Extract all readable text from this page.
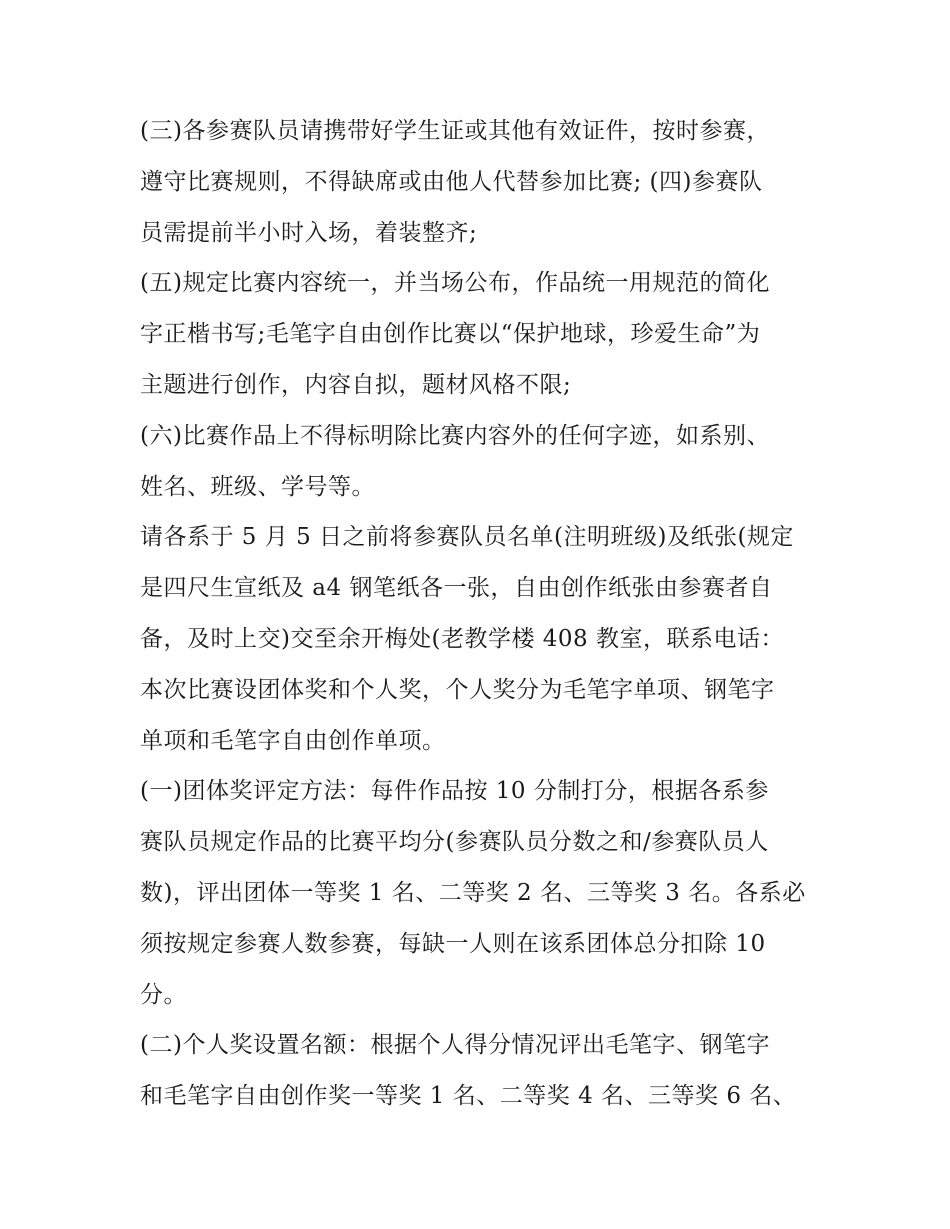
(三)各参赛队员请携带好学生证或其他有效证件，按时参赛，

遵守比赛规则，不得缺席或由他人代替参加比赛; (四)参赛队

员需提前半小时入场，着装整齐;

(五)规定比赛内容统一，并当场公布，作品统一用规范的简化

字正楷书写;毛笔字自由创作比赛以“保护地球，珍爱生命”为

主题进行创作，内容自拟，题材风格不限;

(六)比赛作品上不得标明除比赛内容外的任何字迹，如系别、

姓名、班级、学号等。

请各系于 5 月 5 日之前将参赛队员名单(注明班级)及纸张(规定

是四尺生宣纸及 a4 钢笔纸各一张，自由创作纸张由参赛者自

备，及时上交)交至余开梅处(老教学楼 408 教室，联系电话：

本次比赛设团体奖和个人奖，个人奖分为毛笔字单项、钢笔字

单项和毛笔字自由创作单项。

(一)团体奖评定方法：每件作品按 10 分制打分，根据各系参

赛队员规定作品的比赛平均分(参赛队员分数之和/参赛队员人

数)，评出团体一等奖 1 名、二等奖 2 名、三等奖 3 名。各系必

须按规定参赛人数参赛，每缺一人则在该系团体总分扣除 10

分。

(二)个人奖设置名额：根据个人得分情况评出毛笔字、钢笔字

和毛笔字自由创作奖一等奖 1 名、二等奖 4 名、三等奖 6 名、
